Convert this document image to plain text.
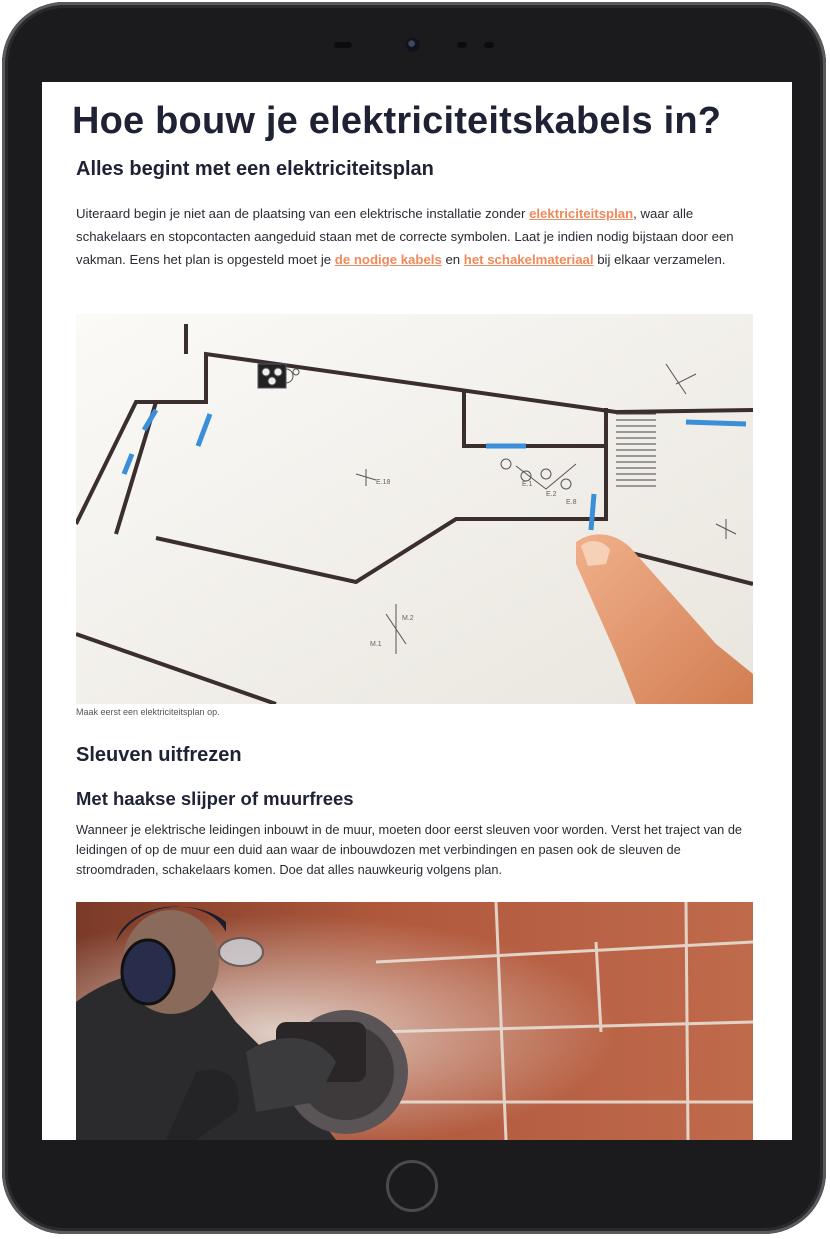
Hoe bouw je elektriciteitskabels in?
Alles begint met een elektriciteitsplan

Uiteraard begin je niet aan de plaatsing van een elektrische installatie zonder elektriciteitsplan, waar alle schakelaars en stopcontacten aangeduid staan met de correcte symbolen. Laat je indien nodig bijstaan door een vakman. Eens het plan is opgesteld moet je de nodige kabels en het schakelmateriaal bij elkaar verzamelen.

E.18
M.2
M.1
E.1
E.2
E.8
Maak eerst een elektriciteitsplan op.
Sleuven uitfrezen
Met haakse slijper of muurfrees

Wanneer je elektrische leidingen inbouwt in de muur, moeten door eerst sleuven voor worden. Verst het traject van de leidingen of op de muur een duid aan waar de inbouwdozen met verbindingen en pasen ook de sleuven de stroomdraden, schakelaars komen. Doe dat alles nauwkeurig volgens plan.
